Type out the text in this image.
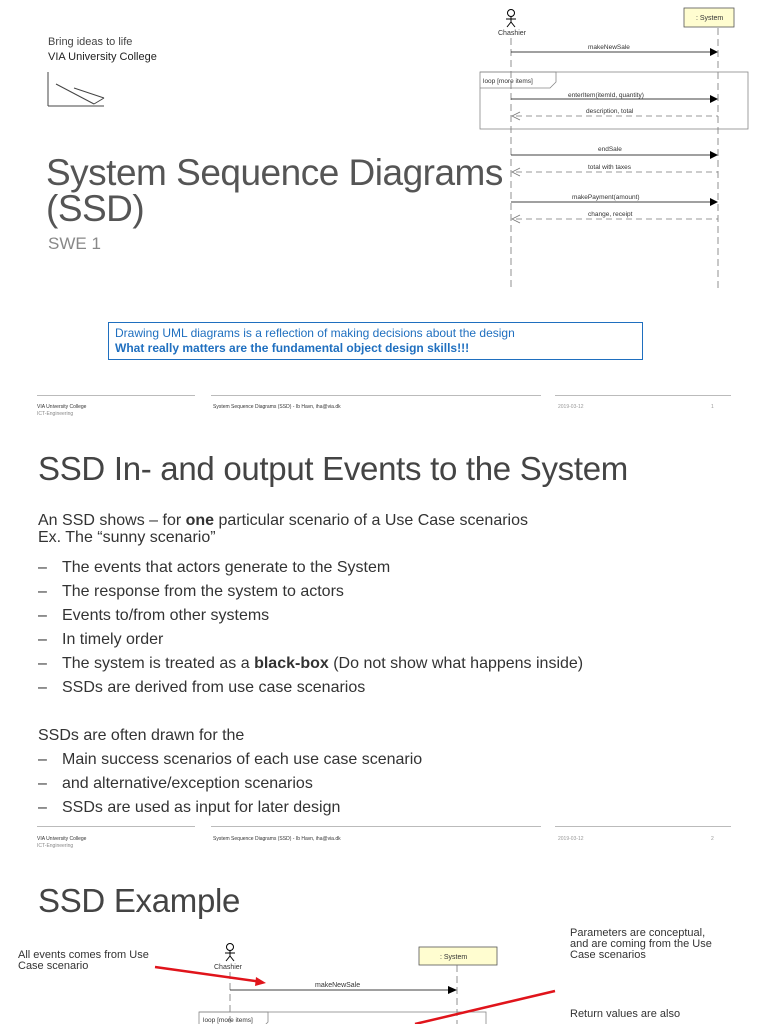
Bring ideas to life
VIA University College
System Sequence Diagrams
(SSD)
SWE 1
Chashier
: System
makeNewSale
loop [more items]
enterItem(itemId, quantity)
description, total
endSale
total with taxes
makePayment(amount)
change, receipt
Drawing UML diagrams is a reflection of making decisions about the design
What really matters are the fundamental object design skills!!!
VIA University College
ICT-Engineering
System Sequence Diagrams (SSD) - Ib Havn, iha@via.dk	2019-03-12	1
SSD In- and output Events to the System
An SSD shows – for one particular scenario of a Use Case scenarios
Ex. The “sunny scenario”
– The events that actors generate to the System
– The response from the system to actors
– Events to/from other systems
– In timely order
– The system is treated as a black-box (Do not show what happens inside)
– SSDs are derived from use case scenarios
SSDs are often drawn for the
– Main success scenarios of each use case scenario
– and alternative/exception scenarios
– SSDs are used as input for later design
VIA University College
ICT-Engineering
System Sequence Diagrams (SSD) - Ib Havn, iha@via.dk	2019-03-12	2
SSD Example
All events comes from Use Case scenario
Parameters are conceptual, and are coming from the Use Case scenarios
Return values are also
Chashier
: System
makeNewSale
loop [more items]
